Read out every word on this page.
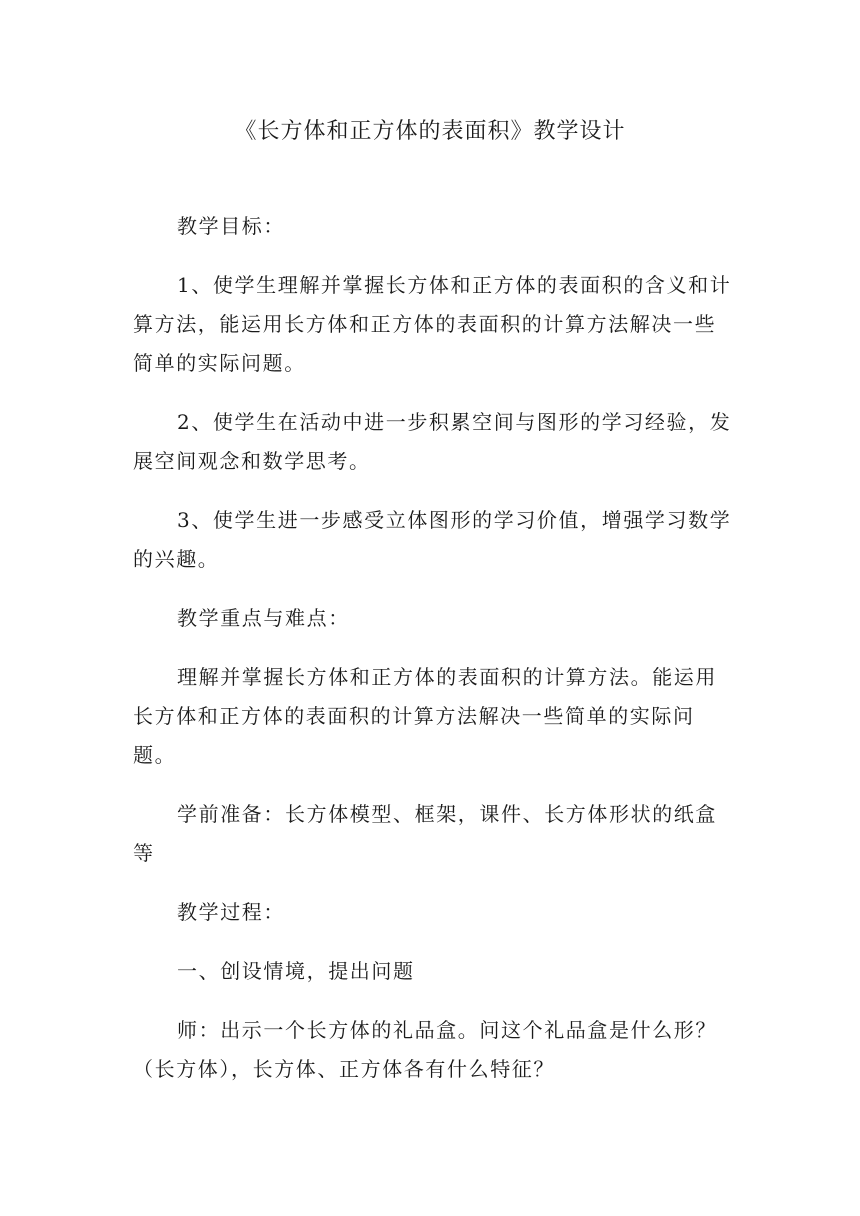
《长方体和正方体的表面积》教学设计

教学目标：

1、使学生理解并掌握长方体和正方体的表面积的含义和计算方法，能运用长方体和正方体的表面积的计算方法解决一些简单的实际问题。

2、使学生在活动中进一步积累空间与图形的学习经验，发展空间观念和数学思考。

3、使学生进一步感受立体图形的学习价值，增强学习数学的兴趣。

教学重点与难点：

理解并掌握长方体和正方体的表面积的计算方法。能运用长方体和正方体的表面积的计算方法解决一些简单的实际问题。

学前准备：长方体模型、框架，课件、长方体形状的纸盒等

教学过程：

一、创设情境，提出问题

师：出示一个长方体的礼品盒。问这个礼品盒是什么形？（长方体），长方体、正方体各有什么特征？
